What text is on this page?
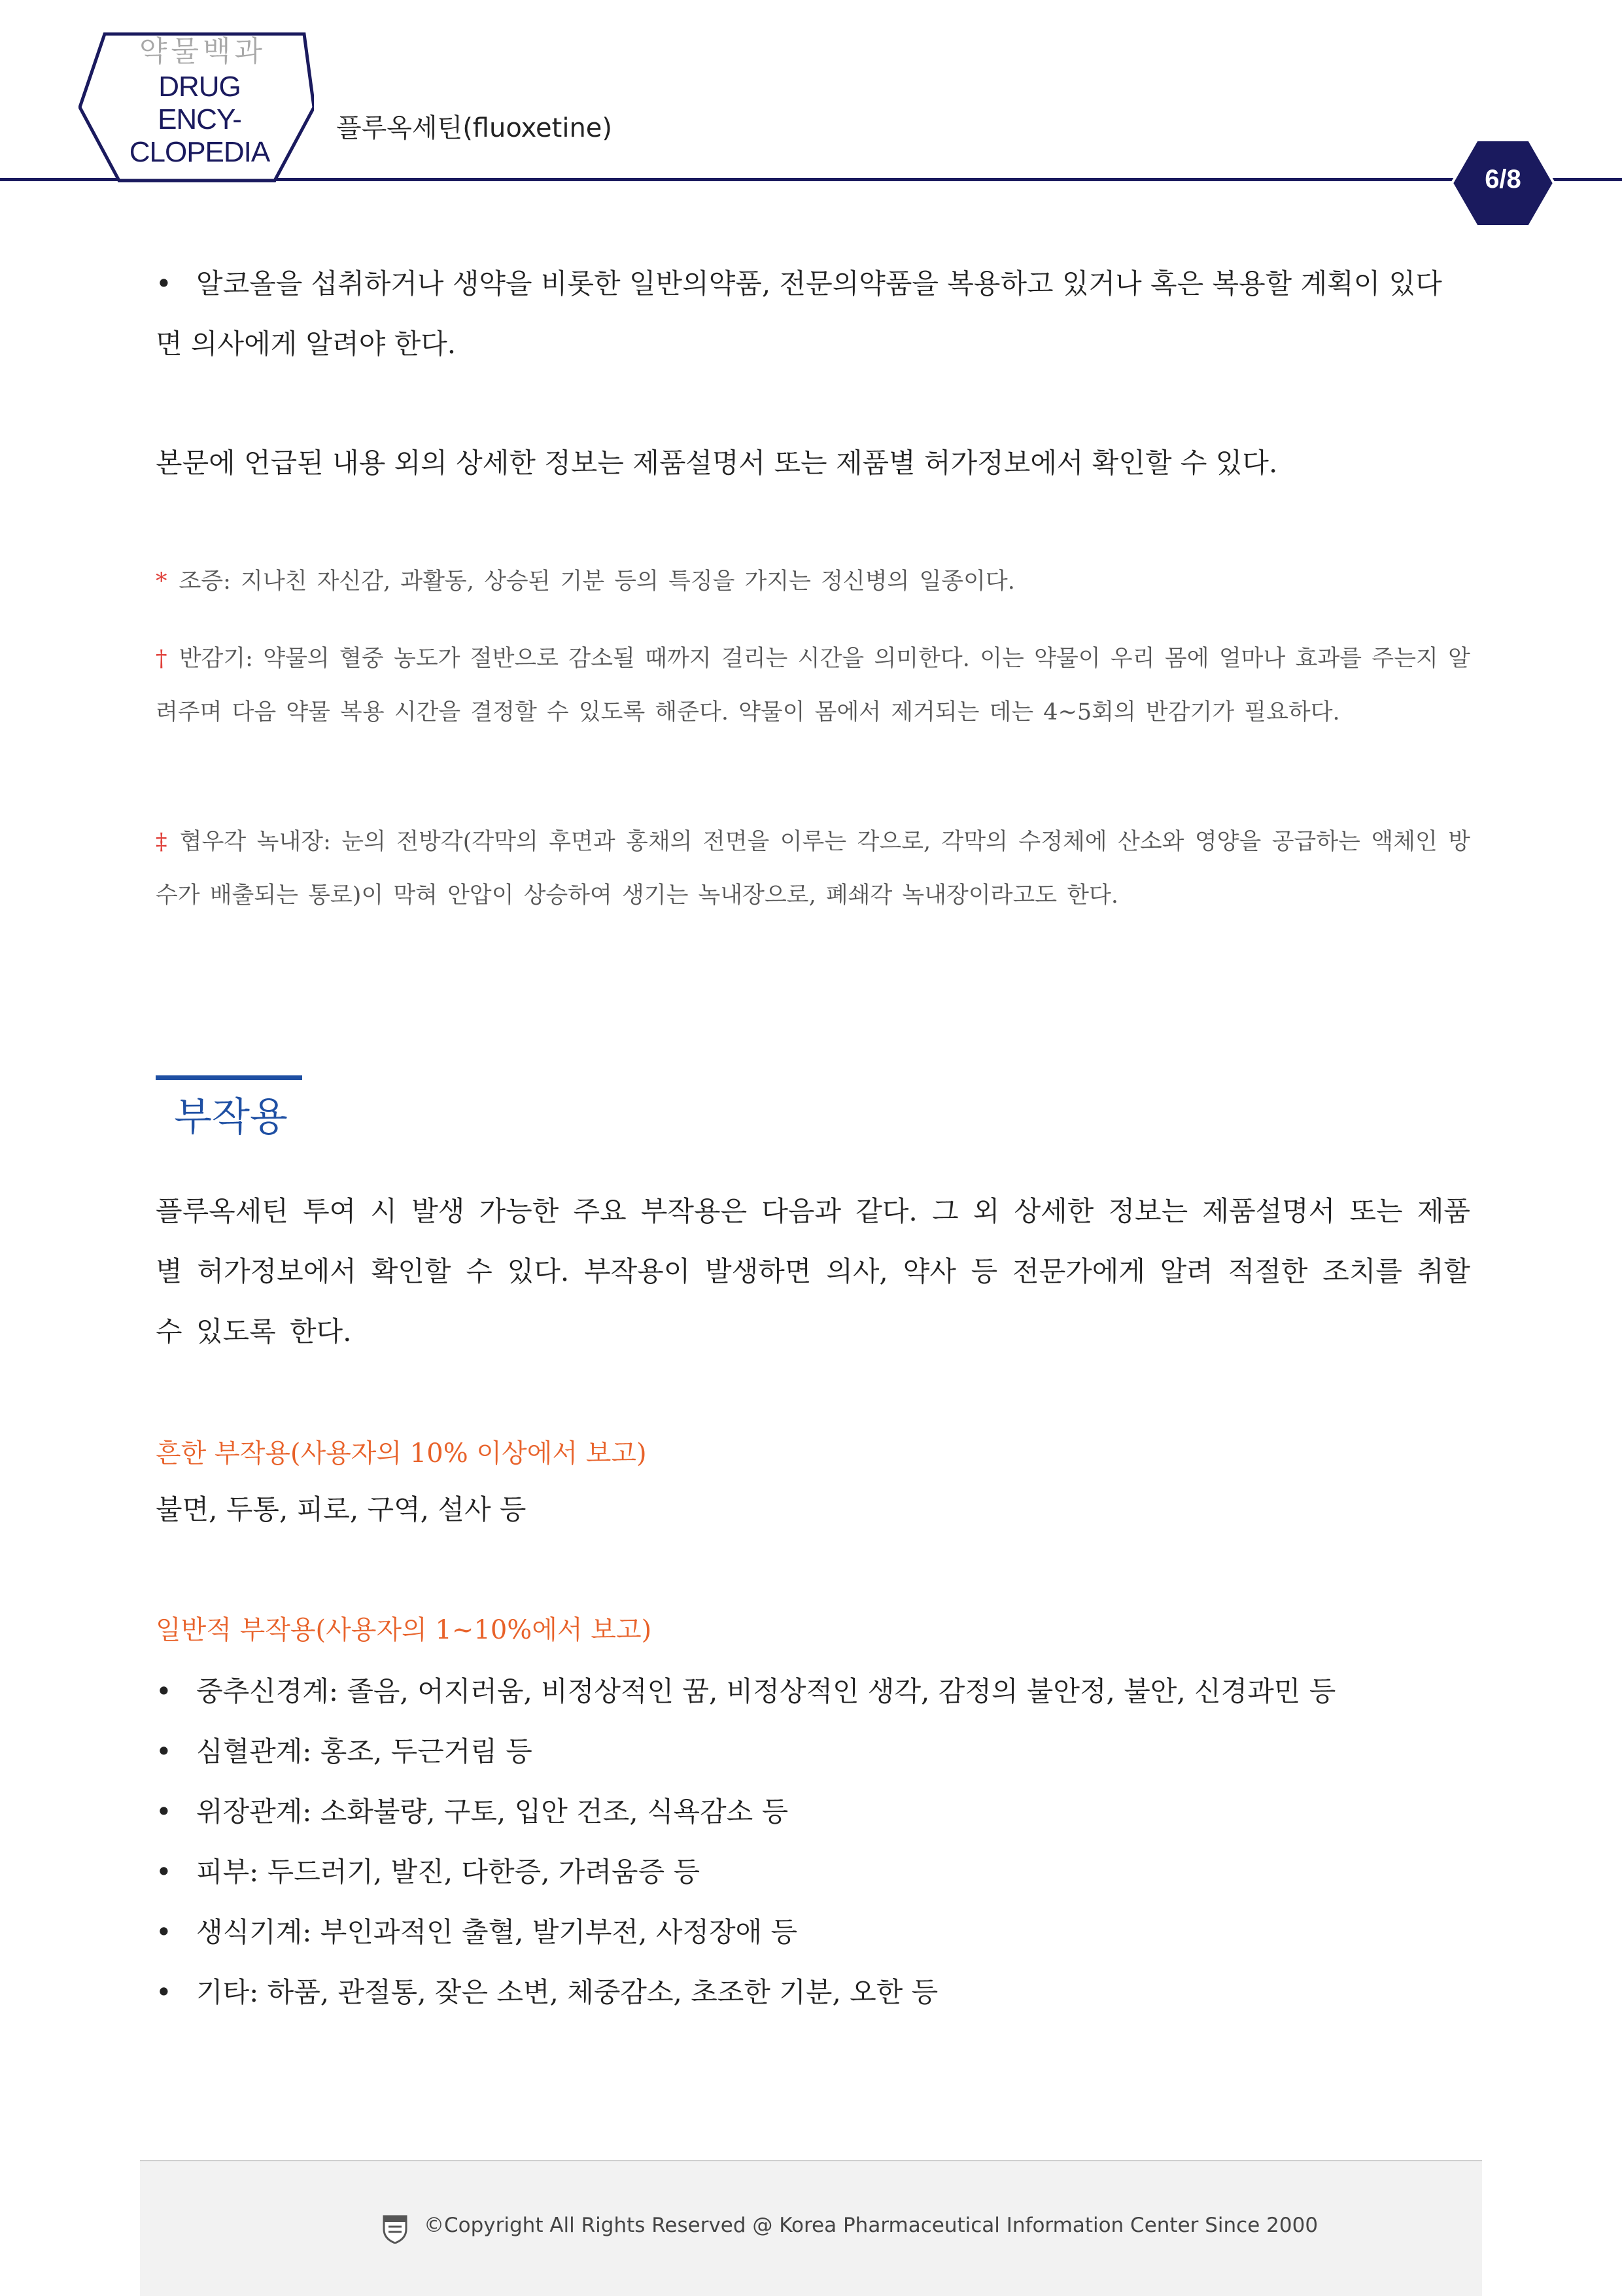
약물백과
DRUG ENCY-
CLOPEDIA
플루옥세틴(fluoxetine)
6/8
• 알코올을 섭취하거나 생약을 비롯한 일반의약품, 전문의약품을 복용하고 있거나 혹은 복용할 계획이 있다
면 의사에게 알려야 한다.
본문에 언급된 내용 외의 상세한 정보는 제품설명서 또는 제품별 허가정보에서 확인할 수 있다.
* 조증: 지나친 자신감, 과활동, 상승된 기분 등의 특징을 가지는 정신병의 일종이다.
† 반감기: 약물의 혈중 농도가 절반으로 감소될 때까지 걸리는 시간을 의미한다. 이는 약물이 우리 몸에 얼마나 효과를 주는지 알려주며 다음 약물 복용 시간을 결정할 수 있도록 해준다. 약물이 몸에서 제거되는 데는 4~5회의 반감기가 필요하다.
‡ 협우각 녹내장: 눈의 전방각(각막의 후면과 홍채의 전면을 이루는 각으로, 각막의 수정체에 산소와 영양을 공급하는 액체인 방수가 배출되는 통로)이 막혀 안압이 상승하여 생기는 녹내장으로, 폐쇄각 녹내장이라고도 한다.
부작용
플루옥세틴 투여 시 발생 가능한 주요 부작용은 다음과 같다. 그 외 상세한 정보는 제품설명서 또는 제품별 허가정보에서 확인할 수 있다. 부작용이 발생하면 의사, 약사 등 전문가에게 알려 적절한 조치를 취할 수 있도록 한다.
흔한 부작용(사용자의 10% 이상에서 보고)
불면, 두통, 피로, 구역, 설사 등
일반적 부작용(사용자의 1~10%에서 보고)
• 중추신경계: 졸음, 어지러움, 비정상적인 꿈, 비정상적인 생각, 감정의 불안정, 불안, 신경과민 등
• 심혈관계: 홍조, 두근거림 등
• 위장관계: 소화불량, 구토, 입안 건조, 식욕감소 등
• 피부: 두드러기, 발진, 다한증, 가려움증 등
• 생식기계: 부인과적인 출혈, 발기부전, 사정장애 등
• 기타: 하품, 관절통, 잦은 소변, 체중감소, 초조한 기분, 오한 등
©Copyright All Rights Reserved @ Korea Pharmaceutical Information Center Since 2000
